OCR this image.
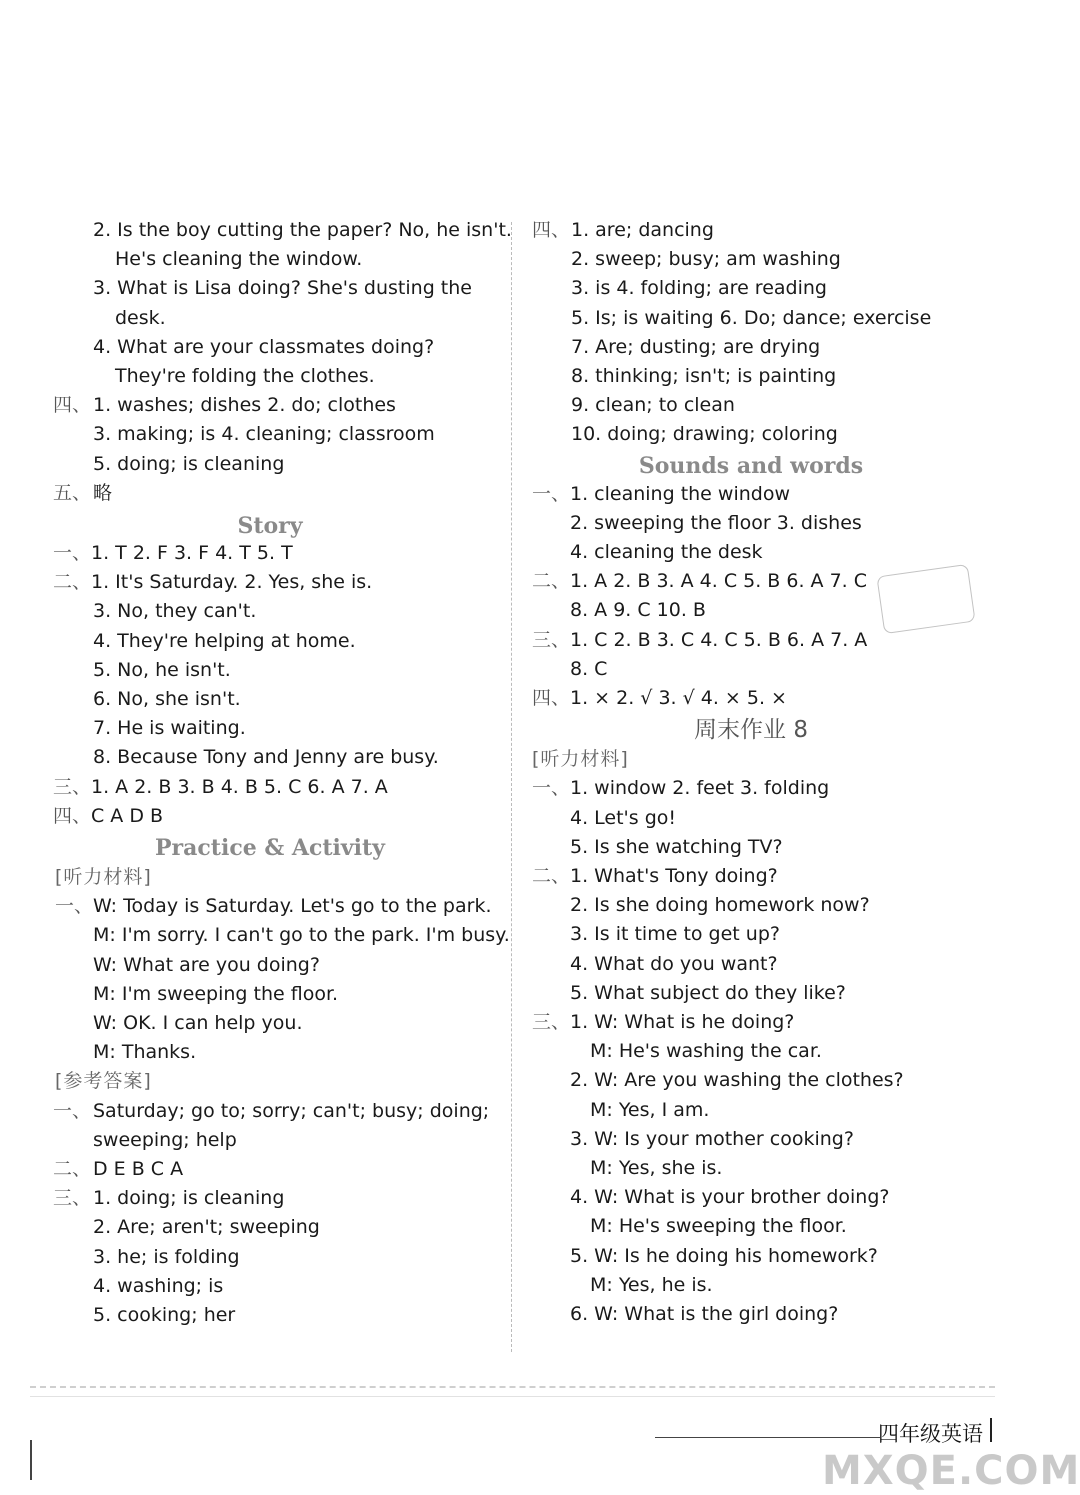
2. Is the boy cutting the paper? No, he isn't.
He's cleaning the window.
3. What is Lisa doing? She's dusting the
desk.
4. What are your classmates doing?
They're folding the clothes.
四、 1. washes; dishes 2. do; clothes
3. making; is 4. cleaning; classroom
5. doing; is cleaning
五、 略
Story
一、 1. T 2. F 3. F 4. T 5. T
二、 1. It's Saturday. 2. Yes, she is.
3. No, they can't.
4. They're helping at home.
5. No, he isn't.
6. No, she isn't.
7. He is waiting.
8. Because Tony and Jenny are busy.
三、 1. A 2. B 3. B 4. B 5. C 6. A 7. A
四、 C A D B
Practice & Activity
[听力材料]
一、 W: Today is Saturday. Let's go to the park.
M: I'm sorry. I can't go to the park. I'm busy.
W: What are you doing?
M: I'm sweeping the floor.
W: OK. I can help you.
M: Thanks.
[参考答案]
一、 Saturday; go to; sorry; can't; busy; doing;
sweeping; help
二、 D E B C A
三、 1. doing; is cleaning
2. Are; aren't; sweeping
3. he; is folding
4. washing; is
5. cooking; her
四、 1. are; dancing
2. sweep; busy; am washing
3. is 4. folding; are reading
5. Is; is waiting 6. Do; dance; exercise
7. Are; dusting; are drying
8. thinking; isn't; is painting
9. clean; to clean
10. doing; drawing; coloring
Sounds and words
一、 1. cleaning the window
2. sweeping the floor 3. dishes
4. cleaning the desk
二、 1. A 2. B 3. A 4. C 5. B 6. A 7. C
8. A 9. C 10. B
三、 1. C 2. B 3. C 4. C 5. B 6. A 7. A
8. C
四、 1. × 2. √ 3. √ 4. × 5. ×
周末作业 8
[听力材料]
一、 1. window 2. feet 3. folding
4. Let's go!
5. Is she watching TV?
二、 1. What's Tony doing?
2. Is she doing homework now?
3. Is it time to get up?
4. What do you want?
5. What subject do they like?
三、 1. W: What is he doing?
M: He's washing the car.
2. W: Are you washing the clothes?
M: Yes, I am.
3. W: Is your mother cooking?
M: Yes, she is.
4. W: What is your brother doing?
M: He's sweeping the floor.
5. W: Is he doing his homework?
M: Yes, he is.
6. W: What is the girl doing?
四年级英语
MXQE.COM
